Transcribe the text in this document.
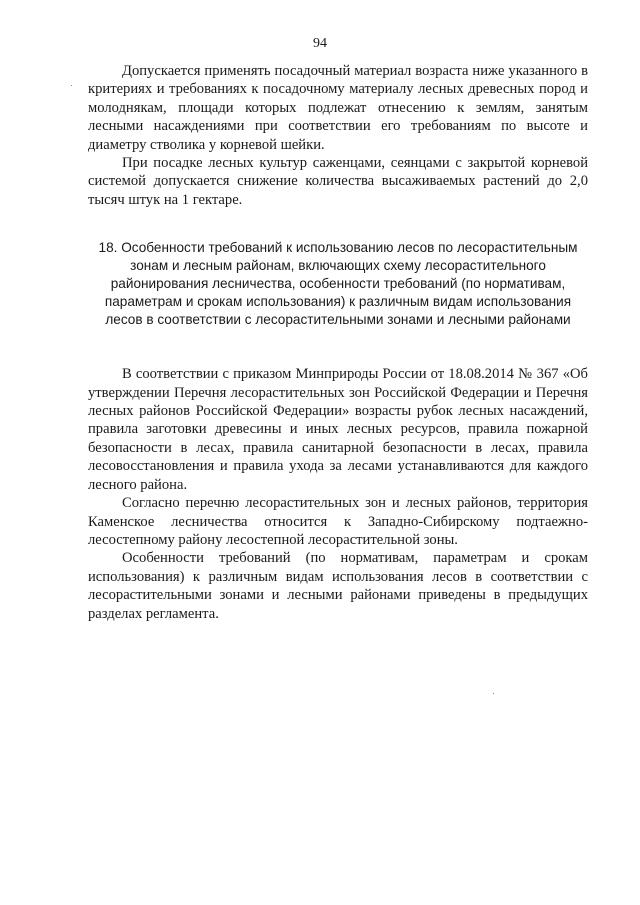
94

Допускается применять посадочный материал возраста ниже указанного в критериях и требованиях к посадочному материалу лесных древесных пород и молоднякам, площади которых подлежат отнесению к землям, занятым лесными насаждениями при соответствии его требованиям по высоте и диаметру стволика у корневой шейки.

При посадке лесных культур саженцами, сеянцами с закрытой корневой системой допускается снижение количества высаживаемых растений до 2,0 тысяч штук на 1 гектаре.

18. Особенности требований к использованию лесов по лесорастительным зонам и лесным районам, включающих схему лесорастительного районирования лесничества, особенности требований (по нормативам, параметрам и срокам использования) к различным видам использования лесов в соответствии с лесорастительными зонами и лесными районами

В соответствии с приказом Минприроды России от 18.08.2014 № 367 «Об утверждении Перечня лесорастительных зон Российской Федерации и Перечня лесных районов Российской Федерации» возрасты рубок лесных насаждений, правила заготовки древесины и иных лесных ресурсов, правила пожарной безопасности в лесах, правила санитарной безопасности в лесах, правила лесовосстановления и правила ухода за лесами устанавливаются для каждого лесного района.

Согласно перечню лесорастительных зон и лесных районов, территория Каменское лесничества относится к Западно-Сибирскому подтаежно-лесостепному району лесостепной лесорастительной зоны.

Особенности требований (по нормативам, параметрам и срокам использования) к различным видам использования лесов в соответствии с лесорастительными зонами и лесными районами приведены в предыдущих разделах регламента.
